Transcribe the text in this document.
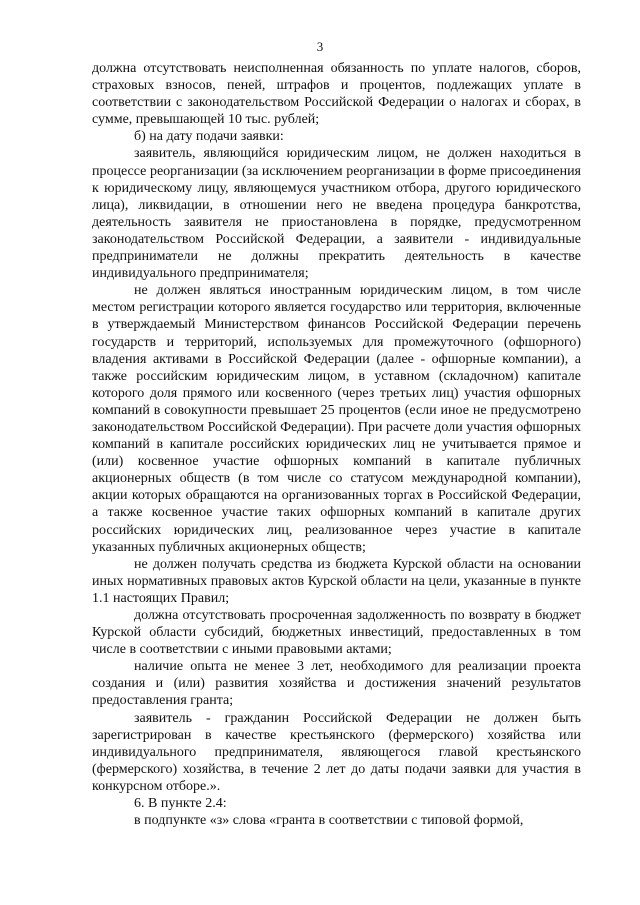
3

должна отсутствовать неисполненная обязанность по уплате налогов, сборов, страховых взносов, пеней, штрафов и процентов, подлежащих уплате в соответствии с законодательством Российской Федерации о налогах и сборах, в сумме, превышающей 10 тыс. рублей;

б) на дату подачи заявки:

заявитель, являющийся юридическим лицом, не должен находиться в процессе реорганизации (за исключением реорганизации в форме присоединения к юридическому лицу, являющемуся участником отбора, другого юридического лица), ликвидации, в отношении него не введена процедура банкротства, деятельность заявителя не приостановлена в порядке, предусмотренном законодательством Российской Федерации, а заявители - индивидуальные предприниматели не должны прекратить деятельность в качестве индивидуального предпринимателя;

не должен являться иностранным юридическим лицом, в том числе местом регистрации которого является государство или территория, включенные в утверждаемый Министерством финансов Российской Федерации перечень государств и территорий, используемых для промежуточного (офшорного) владения активами в Российской Федерации (далее - офшорные компании), а также российским юридическим лицом, в уставном (складочном) капитале которого доля прямого или косвенного (через третьих лиц) участия офшорных компаний в совокупности превышает 25 процентов (если иное не предусмотрено законодательством Российской Федерации). При расчете доли участия офшорных компаний в капитале российских юридических лиц не учитывается прямое и (или) косвенное участие офшорных компаний в капитале публичных акционерных обществ (в том числе со статусом международной компании), акции которых обращаются на организованных торгах в Российской Федерации, а также косвенное участие таких офшорных компаний в капитале других российских юридических лиц, реализованное через участие в капитале указанных публичных акционерных обществ;

не должен получать средства из бюджета Курской области на основании иных нормативных правовых актов Курской области на цели, указанные в пункте 1.1 настоящих Правил;

должна отсутствовать просроченная задолженность по возврату в бюджет Курской области субсидий, бюджетных инвестиций, предоставленных в том числе в соответствии с иными правовыми актами;

наличие опыта не менее 3 лет, необходимого для реализации проекта создания и (или) развития хозяйства и достижения значений результатов предоставления гранта;

заявитель - гражданин Российской Федерации не должен быть зарегистрирован в качестве крестьянского (фермерского) хозяйства или индивидуального предпринимателя, являющегося главой крестьянского (фермерского) хозяйства, в течение 2 лет до даты подачи заявки для участия в конкурсном отборе.».

6. В пункте 2.4:

в подпункте «з» слова «гранта в соответствии с типовой формой,
